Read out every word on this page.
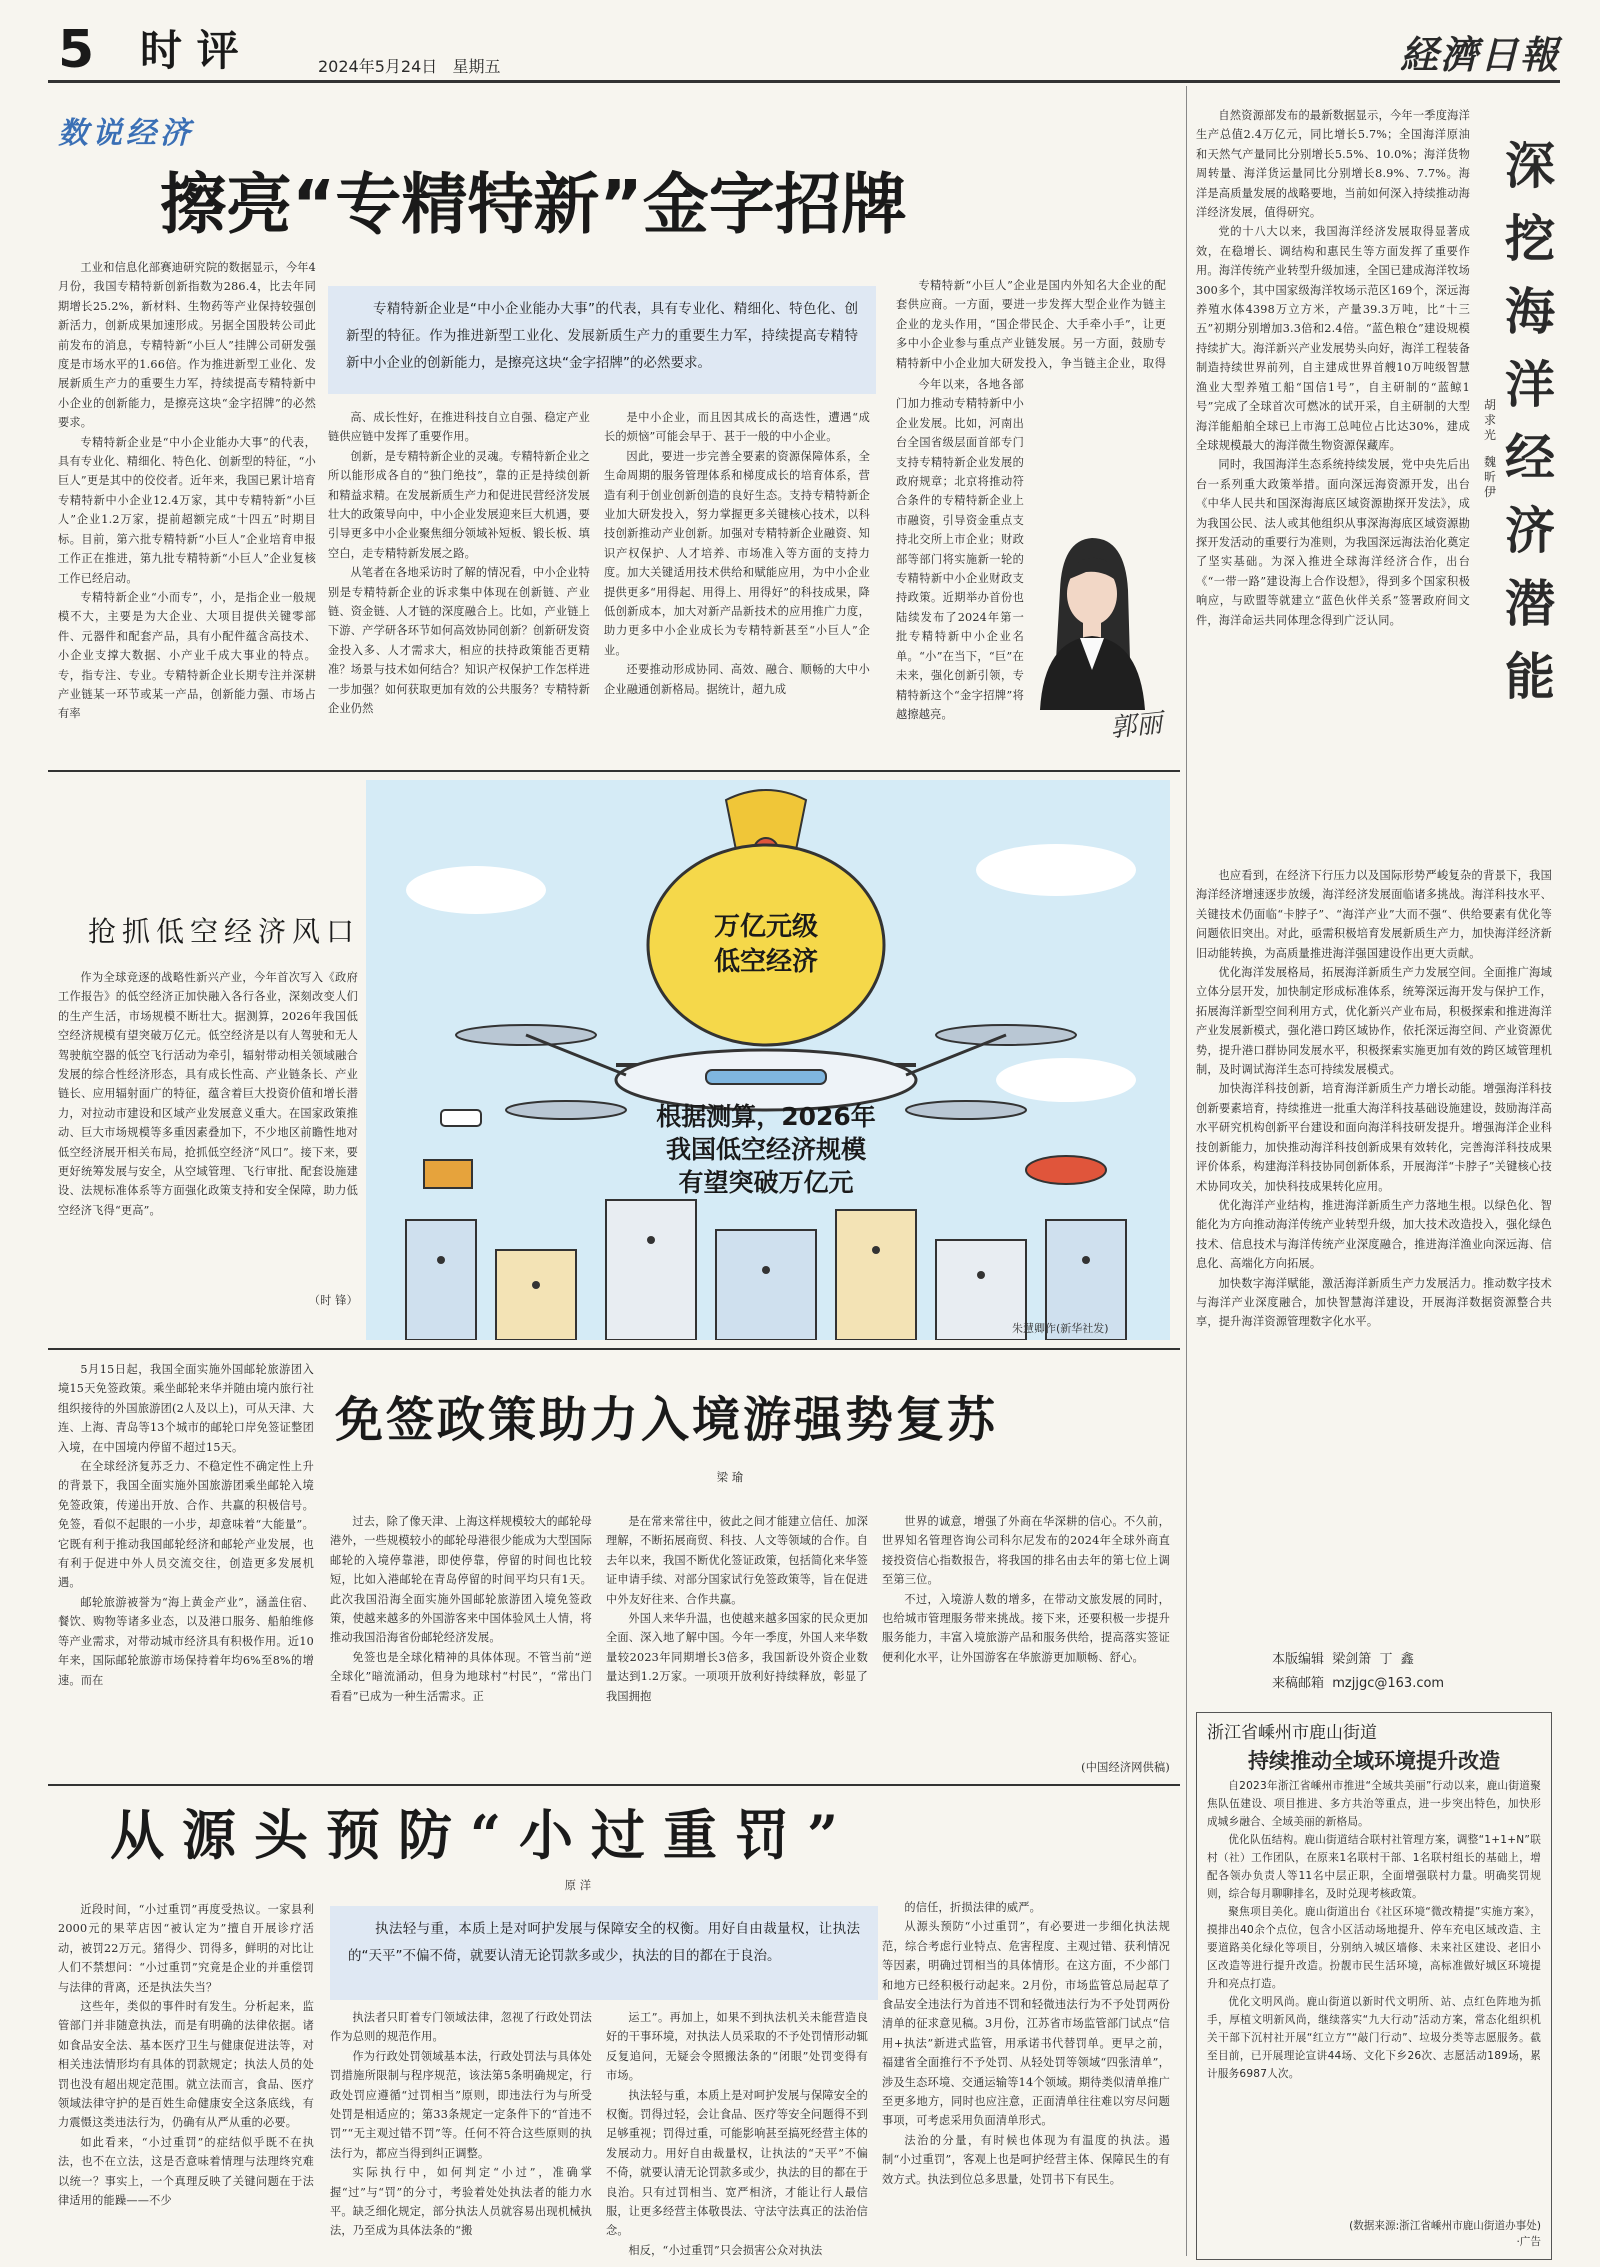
5 时 评	2024年5月24日 星期五	経濟日報
数说经济
擦亮“专精特新”金字招牌

工业和信息化部赛迪研究院的数据显示，今年4月份，我国专精特新创新指数为286.4，比去年同期增长25.2%，新材料、生物药等产业保持较强创新活力，创新成果加速形成。另据全国股转公司此前发布的消息，专精特新“小巨人”挂牌公司研发强度是市场水平的1.66倍。作为推进新型工业化、发展新质生产力的重要生力军，持续提高专精特新中小企业的创新能力，是擦亮这块“金字招牌”的必然要求。

专精特新企业是“中小企业能办大事”的代表，具有专业化、精细化、特色化、创新型的特征，“小巨人”更是其中的佼佼者。近年来，我国已累计培育专精特新中小企业12.4万家，其中专精特新“小巨人”企业1.2万家，提前超额完成“十四五”时期目标。目前，第六批专精特新“小巨人”企业培育申报工作正在推进，第九批专精特新“小巨人”企业复核工作已经启动。

专精特新企业“小而专”，小，是指企业一般规模不大，主要是为大企业、大项目提供关键零部件、元器件和配套产品，具有小配件蕴含高技术、小企业支撑大数据、小产业千成大事业的特点。专，指专注、专业。专精特新企业长期专注并深耕产业链某一环节或某一产品，创新能力强、市场占有率

专精特新企业是“中小企业能办大事”的代表，具有专业化、精细化、特色化、创新型的特征。作为推进新型工业化、发展新质生产力的重要生力军，持续提高专精特新中小企业的创新能力，是擦亮这块“金字招牌”的必然要求。

高、成长性好，在推进科技自立自强、稳定产业链供应链中发挥了重要作用。

创新，是专精特新企业的灵魂。专精特新企业之所以能形成各自的“独门绝技”，靠的正是持续创新和精益求精。在发展新质生产力和促进民营经济发展壮大的政策导向中，中小企业发展迎来巨大机遇，要引导更多中小企业聚焦细分领域补短板、锻长板、填空白，走专精特新发展之路。

从笔者在各地采访时了解的情况看，中小企业特别是专精特新企业的诉求集中体现在创新链、产业链、资金链、人才链的深度融合上。比如，产业链上下游、产学研各环节如何高效协同创新？创新研发资金投入多、人才需求大，相应的扶持政策能否更精准？场景与技术如何结合？知识产权保护工作怎样进一步加强？如何获取更加有效的公共服务？专精特新企业仍然

是中小企业，而且因其成长的高迭性，遭遇“成长的烦恼”可能会早于、甚于一般的中小企业。

因此，要进一步完善全要素的资源保障体系，全生命周期的服务管理体系和梯度成长的培育体系，营造有利于创业创新创造的良好生态。支持专精特新企业加大研发投入，努力掌握更多关键核心技术，以科技创新推动产业创新。加强对专精特新企业融资、知识产权保护、人才培养、市场准入等方面的支持力度。加大关键适用技术供给和赋能应用，为中小企业提供更多“用得起、用得上、用得好”的科技成果，降低创新成本，加大对新产品新技术的应用推广力度，助力更多中小企业成长为专精特新甚至“小巨人”企业。

还要推动形成协同、高效、融合、顺畅的大中小企业融通创新格局。据统计，超九成

专精特新“小巨人”企业是国内外知名大企业的配套供应商。一方面，要进一步发挥大型企业作为链主企业的龙头作用，“国企带民企、大手牵小手”，让更多中小企业参与重点产业链发展。另一方面，鼓励专精特新中小企业加大研发投入，争当链主企业，取得

今年以来，各地各部门加力推动专精特新中小企业发展。比如，河南出台全国省级层面首部专门支持专精特新企业发展的政府规章；北京将推动符合条件的专精特新企业上市融资，引导资金重点支持北交所上市企业；财政部等部门将实施新一轮的专精特新中小企业财政支持政策。近期举办首份也陆续发布了2024年第一批专精特新中小企业名单。“小”在当下，“巨”在未来，强化创新引领，专精特新这个“金字招牌”将越擦越亮。	郭丽
抢抓低空经济风口

作为全球竞逐的战略性新兴产业，今年首次写入《政府工作报告》的低空经济正加快融入各行各业，深刻改变人们的生产生活，市场规模不断壮大。据测算，2026年我国低空经济规模有望突破万亿元。低空经济是以有人驾驶和无人驾驶航空器的低空飞行活动为牵引，辐射带动相关领域融合发展的综合性经济形态，具有成长性高、产业链条长、产业链长、应用辐射面广的特征，蕴含着巨大投资价值和增长潜力，对拉动市建设和区域产业发展意义重大。在国家政策推动、巨大市场规模等多重因素叠加下，不少地区前瞻性地对低空经济展开相关布局，抢抓低空经济“风口”。接下来，要更好统筹发展与安全，从空域管理、飞行审批、配套设施建设、法规标准体系等方面强化政策支持和安全保障，助力低空经济飞得“更高”。

（时 锋）
万亿元级
低空经济
根据测算，2026年
我国低空经济规模
有望突破万亿元
朱慧卿作(新华社发)

5月15日起，我国全面实施外国邮轮旅游团入境15天免签政策。乘坐邮轮来华并随由境内旅行社组织接待的外国旅游团(2人及以上)，可从天津、大连、上海、青岛等13个城市的邮轮口岸免签证整团入境，在中国境内停留不超过15天。

在全球经济复苏乏力、不稳定性不确定性上升的背景下，我国全面实施外国旅游团乘坐邮轮入境免签政策，传递出开放、合作、共赢的积极信号。免签，看似不起眼的一小步，却意味着“大能量”。它既有利于推动我国邮轮经济和邮轮产业发展，也有利于促进中外人员交流交往，创造更多发展机遇。

邮轮旅游被誉为“海上黄金产业”，涵盖住宿、餐饮、购物等诸多业态，以及港口服务、船舶维修等产业需求，对带动城市经济具有积极作用。近10年来，国际邮轮旅游市场保持着年均6%至8%的增速。而在

免签政策助力入境游强势复苏
梁 瑜

过去，除了像天津、上海这样规模较大的邮轮母港外，一些规模较小的邮轮母港很少能成为大型国际邮轮的入境停靠港，即使停靠，停留的时间也比较短，比如入港邮轮在青岛停留的时间平均只有1天。此次我国沿海全面实施外国邮轮旅游团入境免签政策，使越来越多的外国游客来中国体验风土人情，将推动我国沿海省份邮轮经济发展。

免签也是全球化精神的具体体现。不管当前“逆全球化”暗流涌动，但身为地球村“村民”，“常出门看看”已成为一种生活需求。正

是在常来常往中，彼此之间才能建立信任、加深理解，不断拓展商贸、科技、人文等领域的合作。自去年以来，我国不断优化签证政策，包括简化来华签证申请手续、对部分国家试行免签政策等，旨在促进中外友好往来、合作共赢。

外国人来华升温，也使越来越多国家的民众更加全面、深入地了解中国。今年一季度，外国人来华数量较2023年同期增长3倍多，我国新设外资企业数量达到1.2万家。一项项开放利好持续释放，彰显了我国拥抱

世界的诚意，增强了外商在华深耕的信心。不久前，世界知名管理咨询公司科尔尼发布的2024年全球外商直接投资信心指数报告，将我国的排名由去年的第七位上调至第三位。

不过，入境游人数的增多，在带动文旅发展的同时，也给城市管理服务带来挑战。接下来，还要积极一步提升服务能力，丰富入境旅游产品和服务供给，提高落实签证便利化水平，让外国游客在华旅游更加顺畅、舒心。

(中国经济网供稿)
从源头预防“小过重罚”
原 洋

近段时间，“小过重罚”再度受热议。一家县利2000元的果苹店因“被认定为”擅自开展诊疗活动，被罚22万元。猪得少、罚得多，鲜明的对比让人们不禁想问：“小过重罚”究竟是企业的并重偿罚与法律的背离，还是执法失当？

这些年，类似的事件时有发生。分析起来，监管部门并非随意执法，而是有明确的法律依据。诸如食品安全法、基本医疗卫生与健康促进法等，对相关违法情形均有具体的罚款规定；执法人员的处罚也没有超出规定范围。就立法而言，食品、医疗领域法律守护的是百姓生命健康安全这条底线，有力震慑这类违法行为，仍确有从严从重的必要。

如此看来，“小过重罚”的症结似乎既不在执法，也不在立法，这是否意味着情理与法理终究难以统一？事实上，一个真理反映了关键问题在于法律适用的能躁——不少

执法轻与重，本质上是对呵护发展与保障安全的权衡。用好自由裁量权，让执法的“天平”不偏不倚，就要认清无论罚款多或少，执法的目的都在于良治。

执法者只盯着专门领域法律，忽视了行政处罚法作为总则的规范作用。

作为行政处罚领域基本法，行政处罚法与具体处罚措施所限制与程序规范，该法第5条明确规定，行政处罚应遵循“过罚相当”原则，即违法行为与所受处罚是相适应的；第33条规定一定条件下的“首违不罚”“无主观过错不罚”等。任何不符合这些原则的执法行为，都应当得到纠正调整。

实际执行中，如何判定“小过”，准确掌握“过”与“罚”的分寸，考验着处处执法者的能力水平。缺乏细化规定，部分执法人员就容易出现机械执法，乃至成为具体法条的“搬

运工”。再加上，如果不到执法机关未能营造良好的干事环境，对执法人员采取的不予处罚情形动辄反复追问，无疑会令照搬法条的“闭眼”处罚变得有市场。

执法轻与重，本质上是对呵护发展与保障安全的权衡。罚得过轻，会让食品、医疗等安全问题得不到足够重视；罚得过重，可能影响甚至搞死经营主体的发展动力。用好自由裁量权，让执法的“天平”不偏不倚，就要认清无论罚款多或少，执法的目的都在于良治。只有过罚相当、宽严相济，才能让行人最信服，让更多经营主体敬畏法、守法守法真正的法治信念。

相反，“小过重罚”只会损害公众对执法

的信任，折损法律的威严。

从源头预防“小过重罚”，有必要进一步细化执法规范，综合考虑行业特点、危害程度、主观过错、获利情况等因素，明确过罚相当的具体情形。在这方面，不少部门和地方已经积极行动起来。2月份，市场监管总局起草了食品安全违法行为首违不罚和轻微违法行为不予处罚两份清单的征求意见稿。3月份，江苏省市场监管部门试点“信用+执法”新进式监管，用承诺书代替罚单。更早之前，福建省全面推行不予处罚、从轻处罚等领域“四张清单”，涉及生态环境、交通运输等14个领域。期待类似清单推广至更多地方，同时也应注意，正面清单往往难以穷尽问题事项，可考虑采用负面清单形式。

法治的分量，有时候也体现为有温度的执法。遏制“小过重罚”，客观上也是呵护经营主体、保障民生的有效方式。执法到位总多思量，处罚书下有民生。

自然资源部发布的最新数据显示，今年一季度海洋生产总值2.4万亿元，同比增长5.7%；全国海洋原油和天然气产量同比分别增长5.5%、10.0%；海洋货物周转量、海洋货运量同比分别增长8.9%、7.7%。海洋是高质量发展的战略要地，当前如何深入持续推动海洋经济发展，值得研究。

党的十八大以来，我国海洋经济发展取得显著成效，在稳增长、调结构和惠民生等方面发挥了重要作用。海洋传统产业转型升级加速，全国已建成海洋牧场300多个，其中国家级海洋牧场示范区169个，深远海养殖水体4398万立方米，产量39.3万吨，比“十三五”初期分别增加3.3倍和2.4倍。“蓝色粮仓”建设规模持续扩大。海洋新兴产业发展势头向好，海洋工程装备制造持续世界前列，自主建成世界首艘10万吨级智慧渔业大型养殖工船“国信1号”，自主研制的“蓝鲸1号”完成了全球首次可燃冰的试开采，自主研制的大型海洋能船舶全球已上市海工总吨位占比达30%，建成全球规模最大的海洋微生物资源保藏库。

同时，我国海洋生态系统持续发展，党中央先后出台一系列重大政策举措。面向深远海资源开发，出台《中华人民共和国深海海底区域资源勘探开发法》，成为我国公民、法人或其他组织从事深海海底区域资源勘探开发活动的重要行为准则，为我国深远海法治化奠定了坚实基础。为深入推进全球海洋经济合作，出台《“一带一路”建设海上合作设想》，得到多个国家积极响应，与欧盟等就建立“蓝色伙伴关系”签署政府间文件，海洋命运共同体理念得到广泛认同。

深
挖
海
洋
经
济
潜
能
胡求光
魏昕伊

也应看到，在经济下行压力以及国际形势严峻复杂的背景下，我国海洋经济增速逐步放缓，海洋经济发展面临诸多挑战。海洋科技水平、关键技术仍面临“卡脖子”、“海洋产业”大而不强“、供给要素有优化等问题依旧突出。对此，亟需积极培育发展新质生产力，加快海洋经济新旧动能转换，为高质量推进海洋强国建设作出更大贡献。

优化海洋发展格局，拓展海洋新质生产力发展空间。全面推广海域立体分层开发，加快制定形成标准体系，统筹深远海开发与保护工作，拓展海洋新型空间利用方式，优化新兴产业布局，积极探索和推进海洋产业发展新模式，强化港口跨区域协作，依托深远海空间、产业资源优势，提升港口群协同发展水平，积极探索实施更加有效的跨区域管理机制，及时调试海洋生态可持续发展模式。

加快海洋科技创新，培育海洋新质生产力增长动能。增强海洋科技创新要素培育，持续推进一批重大海洋科技基础设施建设，鼓励海洋高水平研究机构创新平台建设和面向海洋科技研发提升。增强海洋企业科技创新能力，加快推动海洋科技创新成果有效转化，完善海洋科技成果评价体系，构建海洋科技协同创新体系，开展海洋“卡脖子”关键核心技术协同攻关，加快科技成果转化应用。

优化海洋产业结构，推进海洋新质生产力落地生根。以绿色化、智能化为方向推动海洋传统产业转型升级，加大技术改造投入，强化绿色技术、信息技术与海洋传统产业深度融合，推进海洋渔业向深远海、信息化、高端化方向拓展。

加快数字海洋赋能，激活海洋新质生产力发展活力。推动数字技术与海洋产业深度融合，加快智慧海洋建设，开展海洋数据资源整合共享，提升海洋资源管理数字化水平。

本版编辑  梁剑箫  丁  鑫
来稿邮箱  mzjjgc@163.com
浙江省嵊州市鹿山街道
持续推动全域环境提升改造

自2023年浙江省嵊州市推进“全域共美丽”行动以来，鹿山街道聚焦队伍建设、项目推进、多方共治等重点，进一步突出特色，加快形成城乡融合、全域美丽的新格局。

优化队伍结构。鹿山街道结合联村社管理方案，调整“1+1+N”联村（社）工作团队，在原来1名联村干部、1名联村组长的基础上，增配各领办负责人等11名中层正职，全面增强联村力量。明确奖罚规则，综合每月聊聊排名，及时兑现考核政策。

聚焦项目美化。鹿山街道出台《社区环境“微改精提”实施方案》，摸排出40余个点位，包含小区活动场地提升、停车充电区域改造、主要道路美化绿化等项目，分别纳入城区墙修、未来社区建设、老旧小区改造等进行提升改造。扮靓市民生活环境，高标准做好城区环境提升和亮点打造。

优化文明风尚。鹿山街道以新时代文明所、站、点红色阵地为抓手，厚植文明新风尚，继续落实“九大行动”活动方案，常态化组织机关干部下沉村社开展“红立方”“敲门行动”、垃圾分类等志愿服务。截至目前，已开展理论宣讲44场、文化下乡26次、志愿活动189场，累计服务6987人次。

(数据来源:浙江省嵊州市鹿山街道办事处)
·广告
